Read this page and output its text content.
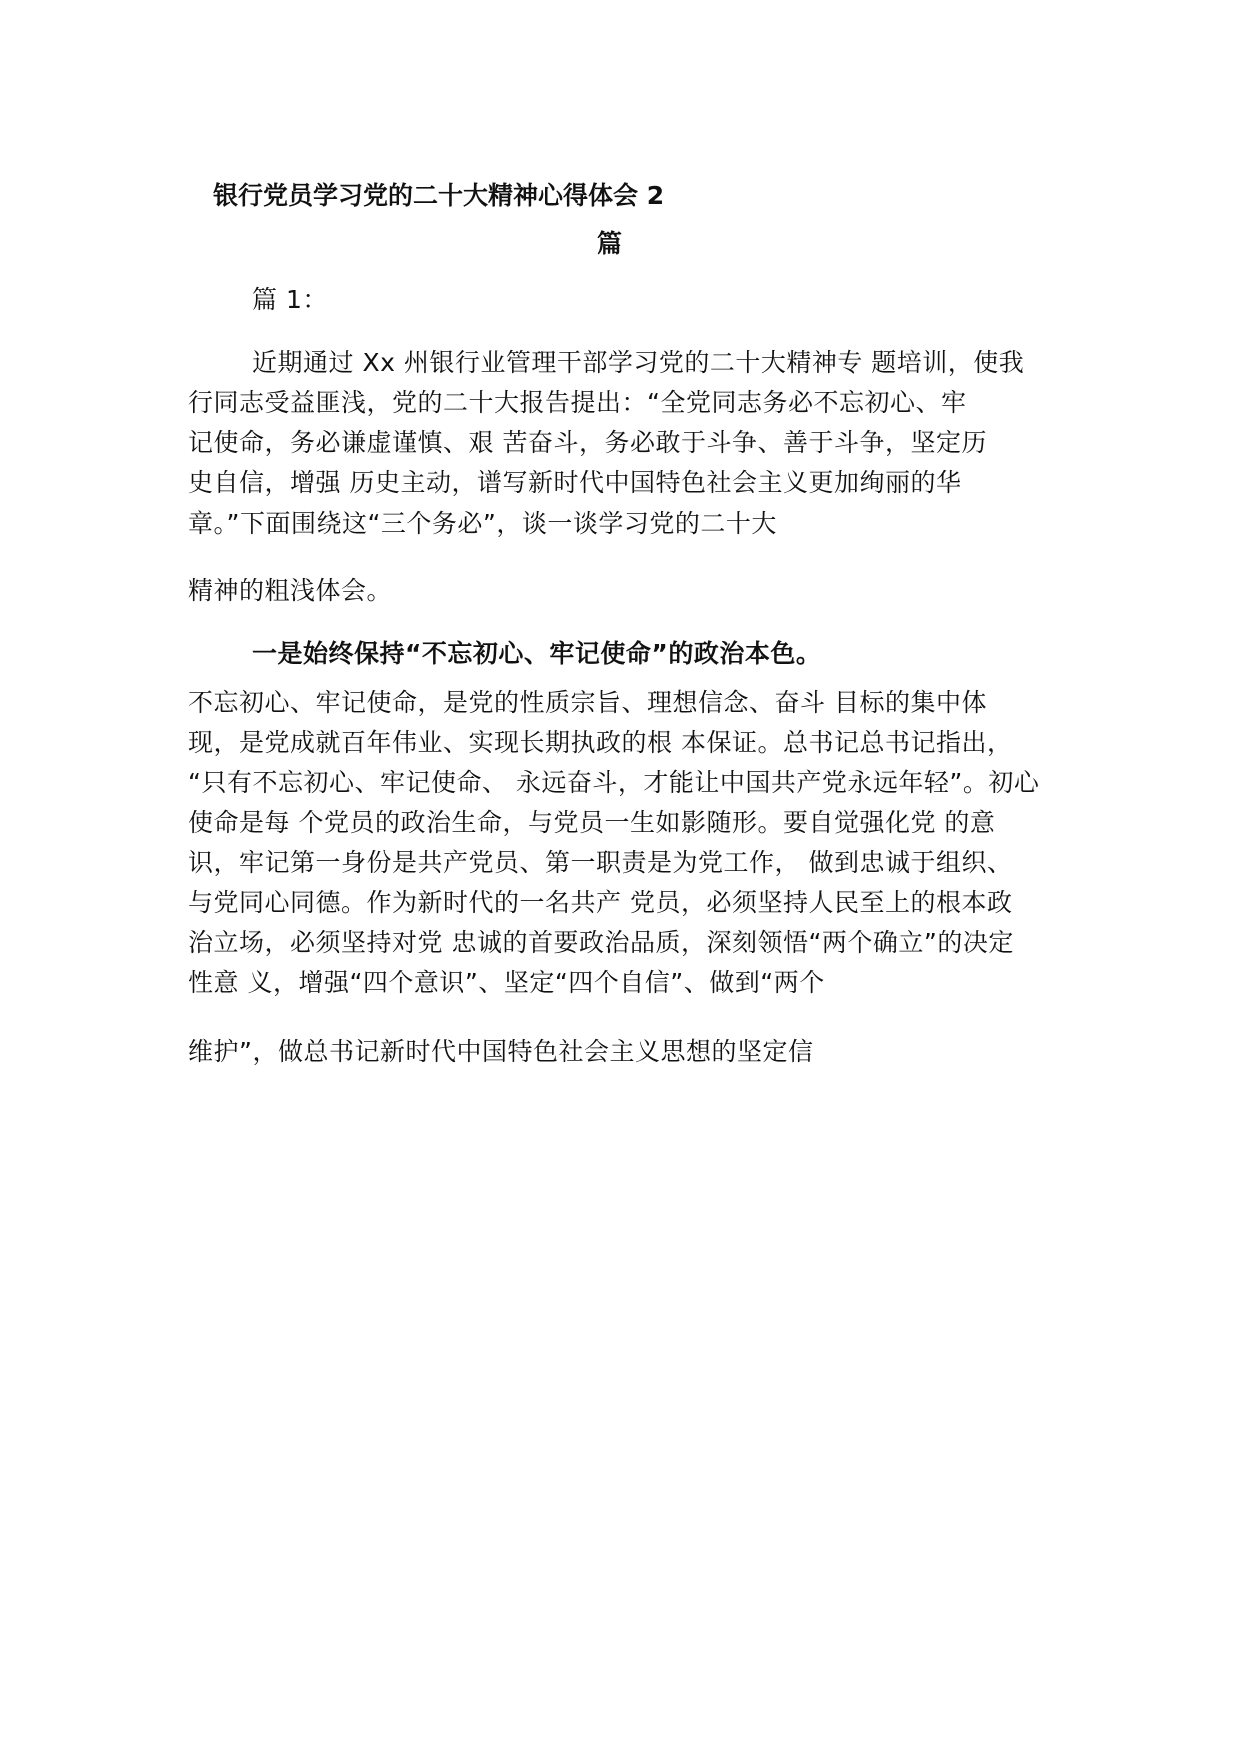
银行党员学习党的二十大精神心得体会 2
篇
篇 1：
近期通过 Xx 州银行业管理干部学习党的二十大精神专 题培训，使我
行同志受益匪浅，党的二十大报告提出：“全党同志务必不忘初心、牢
记使命，务必谦虚谨慎、艰 苦奋斗，务必敢于斗争、善于斗争，坚定历
史自信，增强 历史主动，谱写新时代中国特色社会主义更加绚丽的华
章。”下面围绕这“三个务必”，谈一谈学习党的二十大
精神的粗浅体会。
一是始终保持“不忘初心、牢记使命”的政治本色。
不忘初心、牢记使命，是党的性质宗旨、理想信念、奋斗 目标的集中体
现，是党成就百年伟业、实现长期执政的根 本保证。总书记总书记指出，
“只有不忘初心、牢记使命、 永远奋斗，才能让中国共产党永远年轻”。初心
使命是每 个党员的政治生命，与党员一生如影随形。要自觉强化党 的意
识，牢记第一身份是共产党员、第一职责是为党工作， 做到忠诚于组织、
与党同心同德。作为新时代的一名共产 党员，必须坚持人民至上的根本政
治立场，必须坚持对党 忠诚的首要政治品质，深刻领悟“两个确立”的决定
性意 义，增强“四个意识”、坚定“四个自信”、做到“两个
维护”，做总书记新时代中国特色社会主义思想的坚定信
